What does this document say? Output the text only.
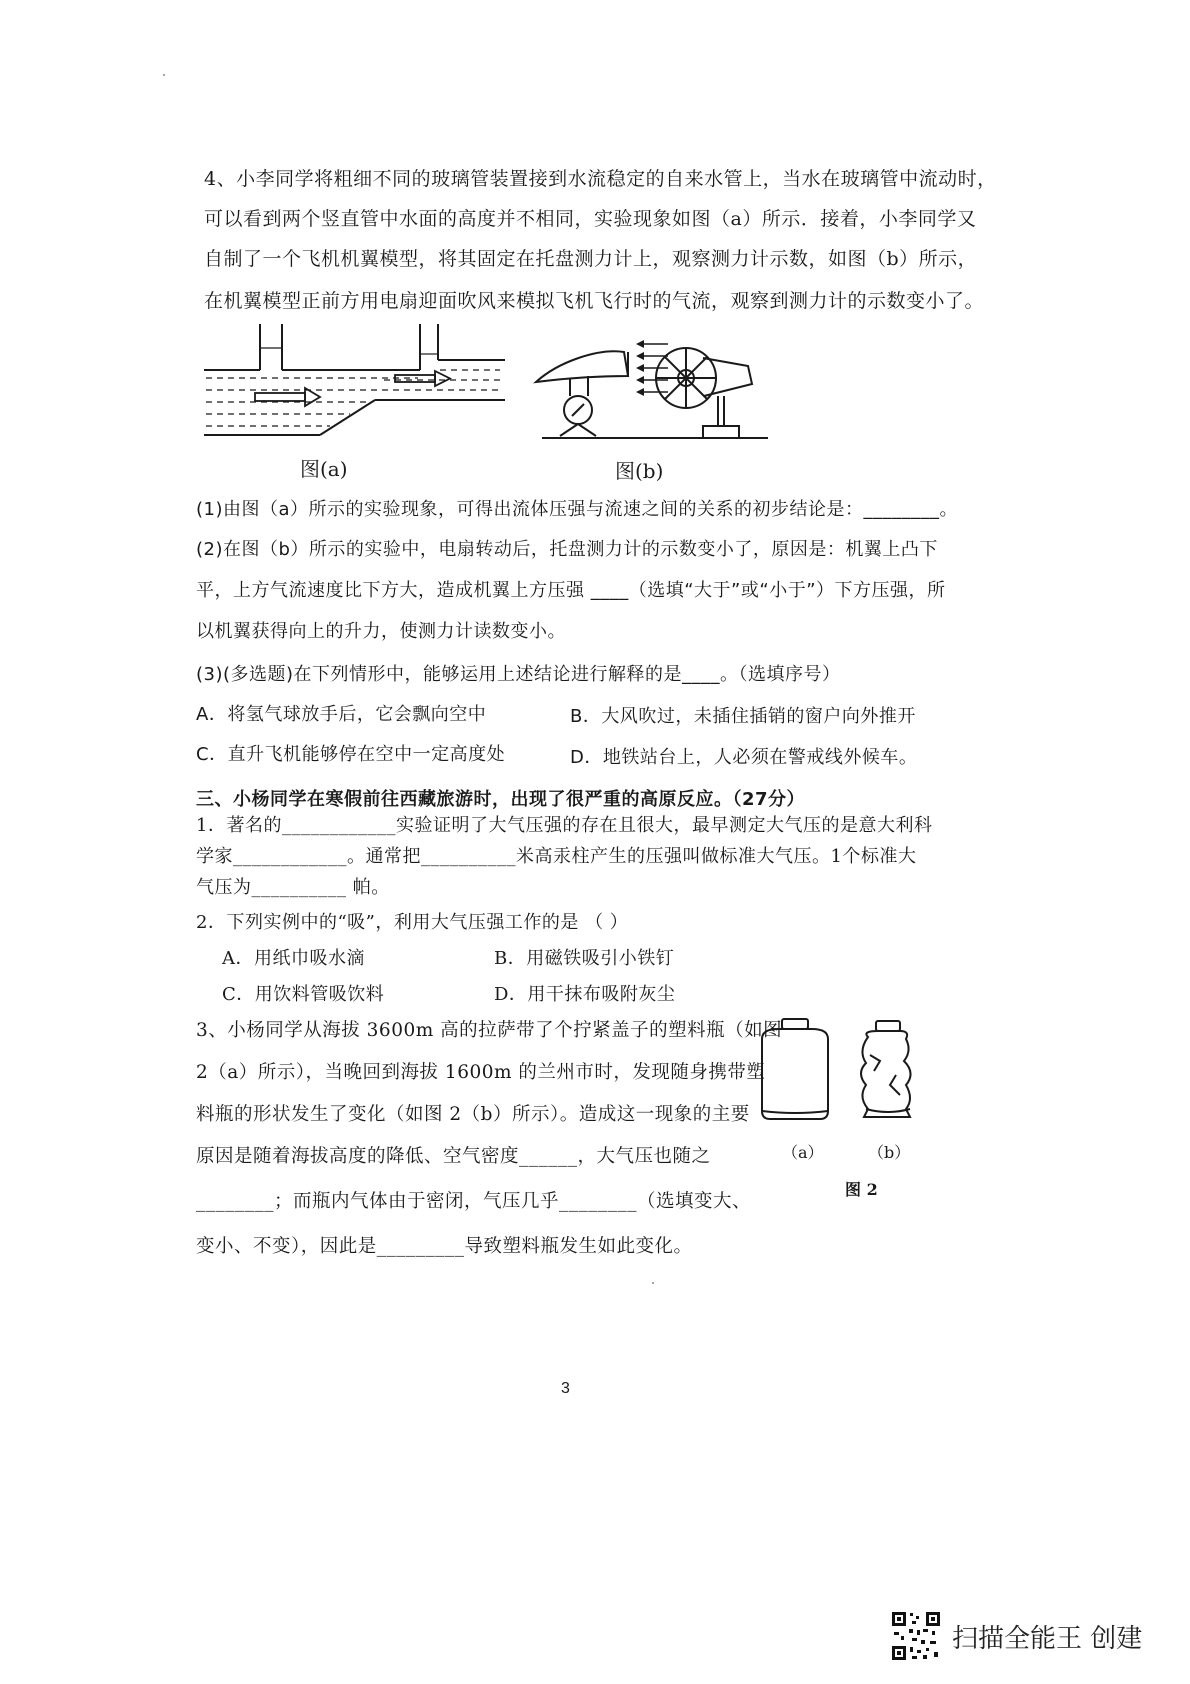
4、小李同学将粗细不同的玻璃管装置接到水流稳定的自来水管上，当水在玻璃管中流动时，
可以看到两个竖直管中水面的高度并不相同，实验现象如图（a）所示．接着，小李同学又
自制了一个飞机机翼模型，将其固定在托盘测力计上，观察测力计示数，如图（b）所示，
在机翼模型正前方用电扇迎面吹风来模拟飞机飞行时的气流，观察到测力计的示数变小了。
图(a)	图(b)
(1)由图（a）所示的实验现象，可得出流体压强与流速之间的关系的初步结论是：________。
(2)在图（b）所示的实验中，电扇转动后，托盘测力计的示数变小了，原因是：机翼上凸下
平，上方气流速度比下方大，造成机翼上方压强 ____（选填“大于”或“小于”）下方压强，所
以机翼获得向上的升力，使测力计读数变小。
(3)(多选题)在下列情形中，能够运用上述结论进行解释的是____。（选填序号）
A．将氢气球放手后，它会飘向空中	B．大风吹过，未插住插销的窗户向外推开
C．直升飞机能够停在空中一定高度处	D．地铁站台上，人必须在警戒线外候车。
三、小杨同学在寒假前往西藏旅游时，出现了很严重的高原反应。（27分）
1．著名的____________实验证明了大气压强的存在且很大，最早测定大气压的是意大利科
学家____________。通常把__________米高汞柱产生的压强叫做标准大气压。1个标准大
气压为__________ 帕。
2．下列实例中的“吸”，利用大气压强工作的是 （ ）
A．用纸巾吸水滴	B．用磁铁吸引小铁钉
C．用饮料管吸饮料	D．用干抹布吸附灰尘
3、小杨同学从海拔 3600m 高的拉萨带了个拧紧盖子的塑料瓶（如图
2（a）所示），当晚回到海拔 1600m 的兰州市时，发现随身携带塑
料瓶的形状发生了变化（如图 2（b）所示）。造成这一现象的主要
原因是随着海拔高度的降低、空气密度______，大气压也随之
________；而瓶内气体由于密闭，气压几乎________（选填变大、
变小、不变），因此是_________导致塑料瓶发生如此变化。
（a）	（b）
图 2
3
扫描全能王 创建
